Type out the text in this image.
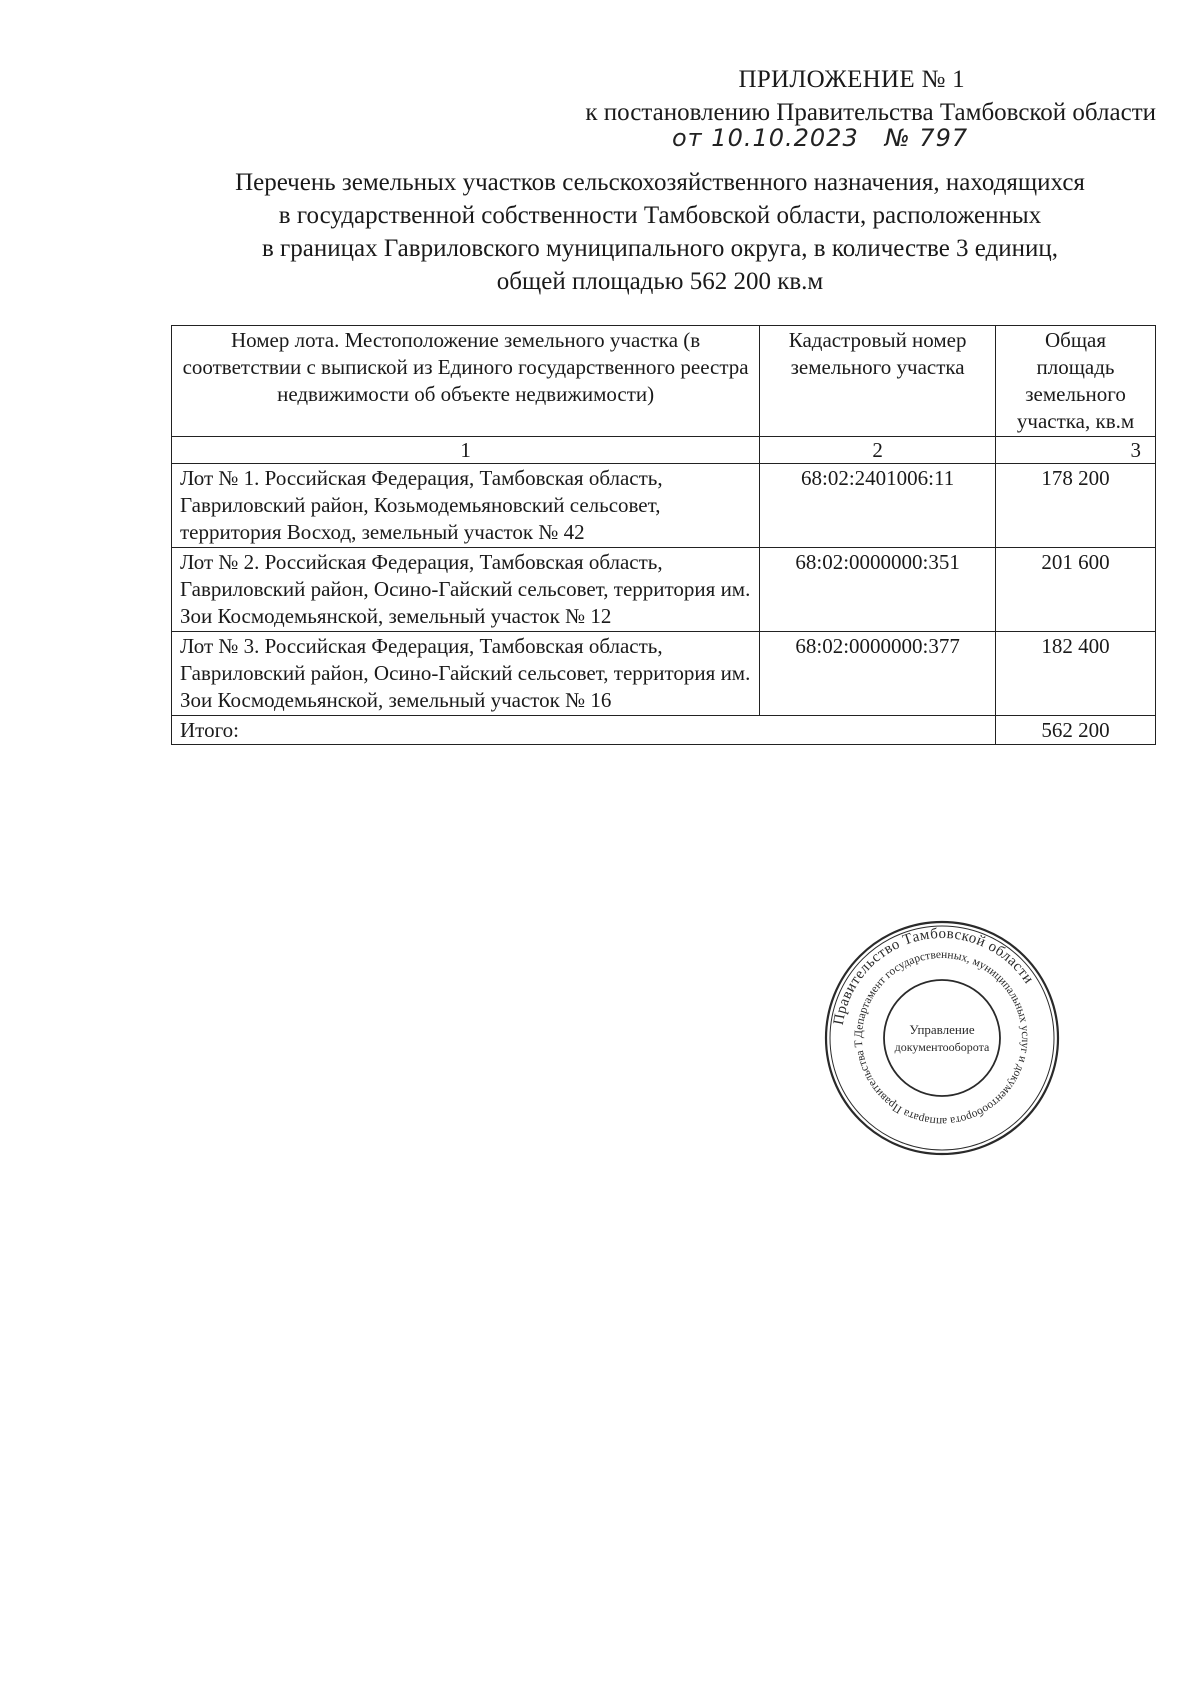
ПРИЛОЖЕНИЕ № 1
к постановлению Правительства Тамбовской области
от 10.10.2023 № 797
Перечень земельных участков сельскохозяйственного назначения, находящихся
в государственной собственности Тамбовской области, расположенных
в границах Гавриловского муниципального округа, в количестве 3 единиц,
общей площадью 562 200 кв.м
Номер лота. Местоположение земельного участка (в соответствии с выпиской из Единого государственного реестра недвижимости об объекте недвижимости)	Кадастровый номер земельного участка	Общая площадь земельного участка, кв.м
1	2	3
Лот № 1. Российская Федерация, Тамбовская область, Гавриловский район, Козьмодемьяновский сельсовет, территория Восход, земельный участок № 42	68:02:2401006:11	178 200
Лот № 2. Российская Федерация, Тамбовская область, Гавриловский район, Осино-Гайский сельсовет, территория им. Зои Космодемьянской, земельный участок № 12	68:02:0000000:351	201 600
Лот № 3. Российская Федерация, Тамбовская область, Гавриловский район, Осино-Гайский сельсовет, территория им. Зои Космодемьянской, земельный участок № 16	68:02:0000000:377	182 400
Итого:		562 200
Правительство Тамбовской области
Департамент государственных, муниципальных услуг и документооборота аппарата Правительства Т
Управление
документооборота
